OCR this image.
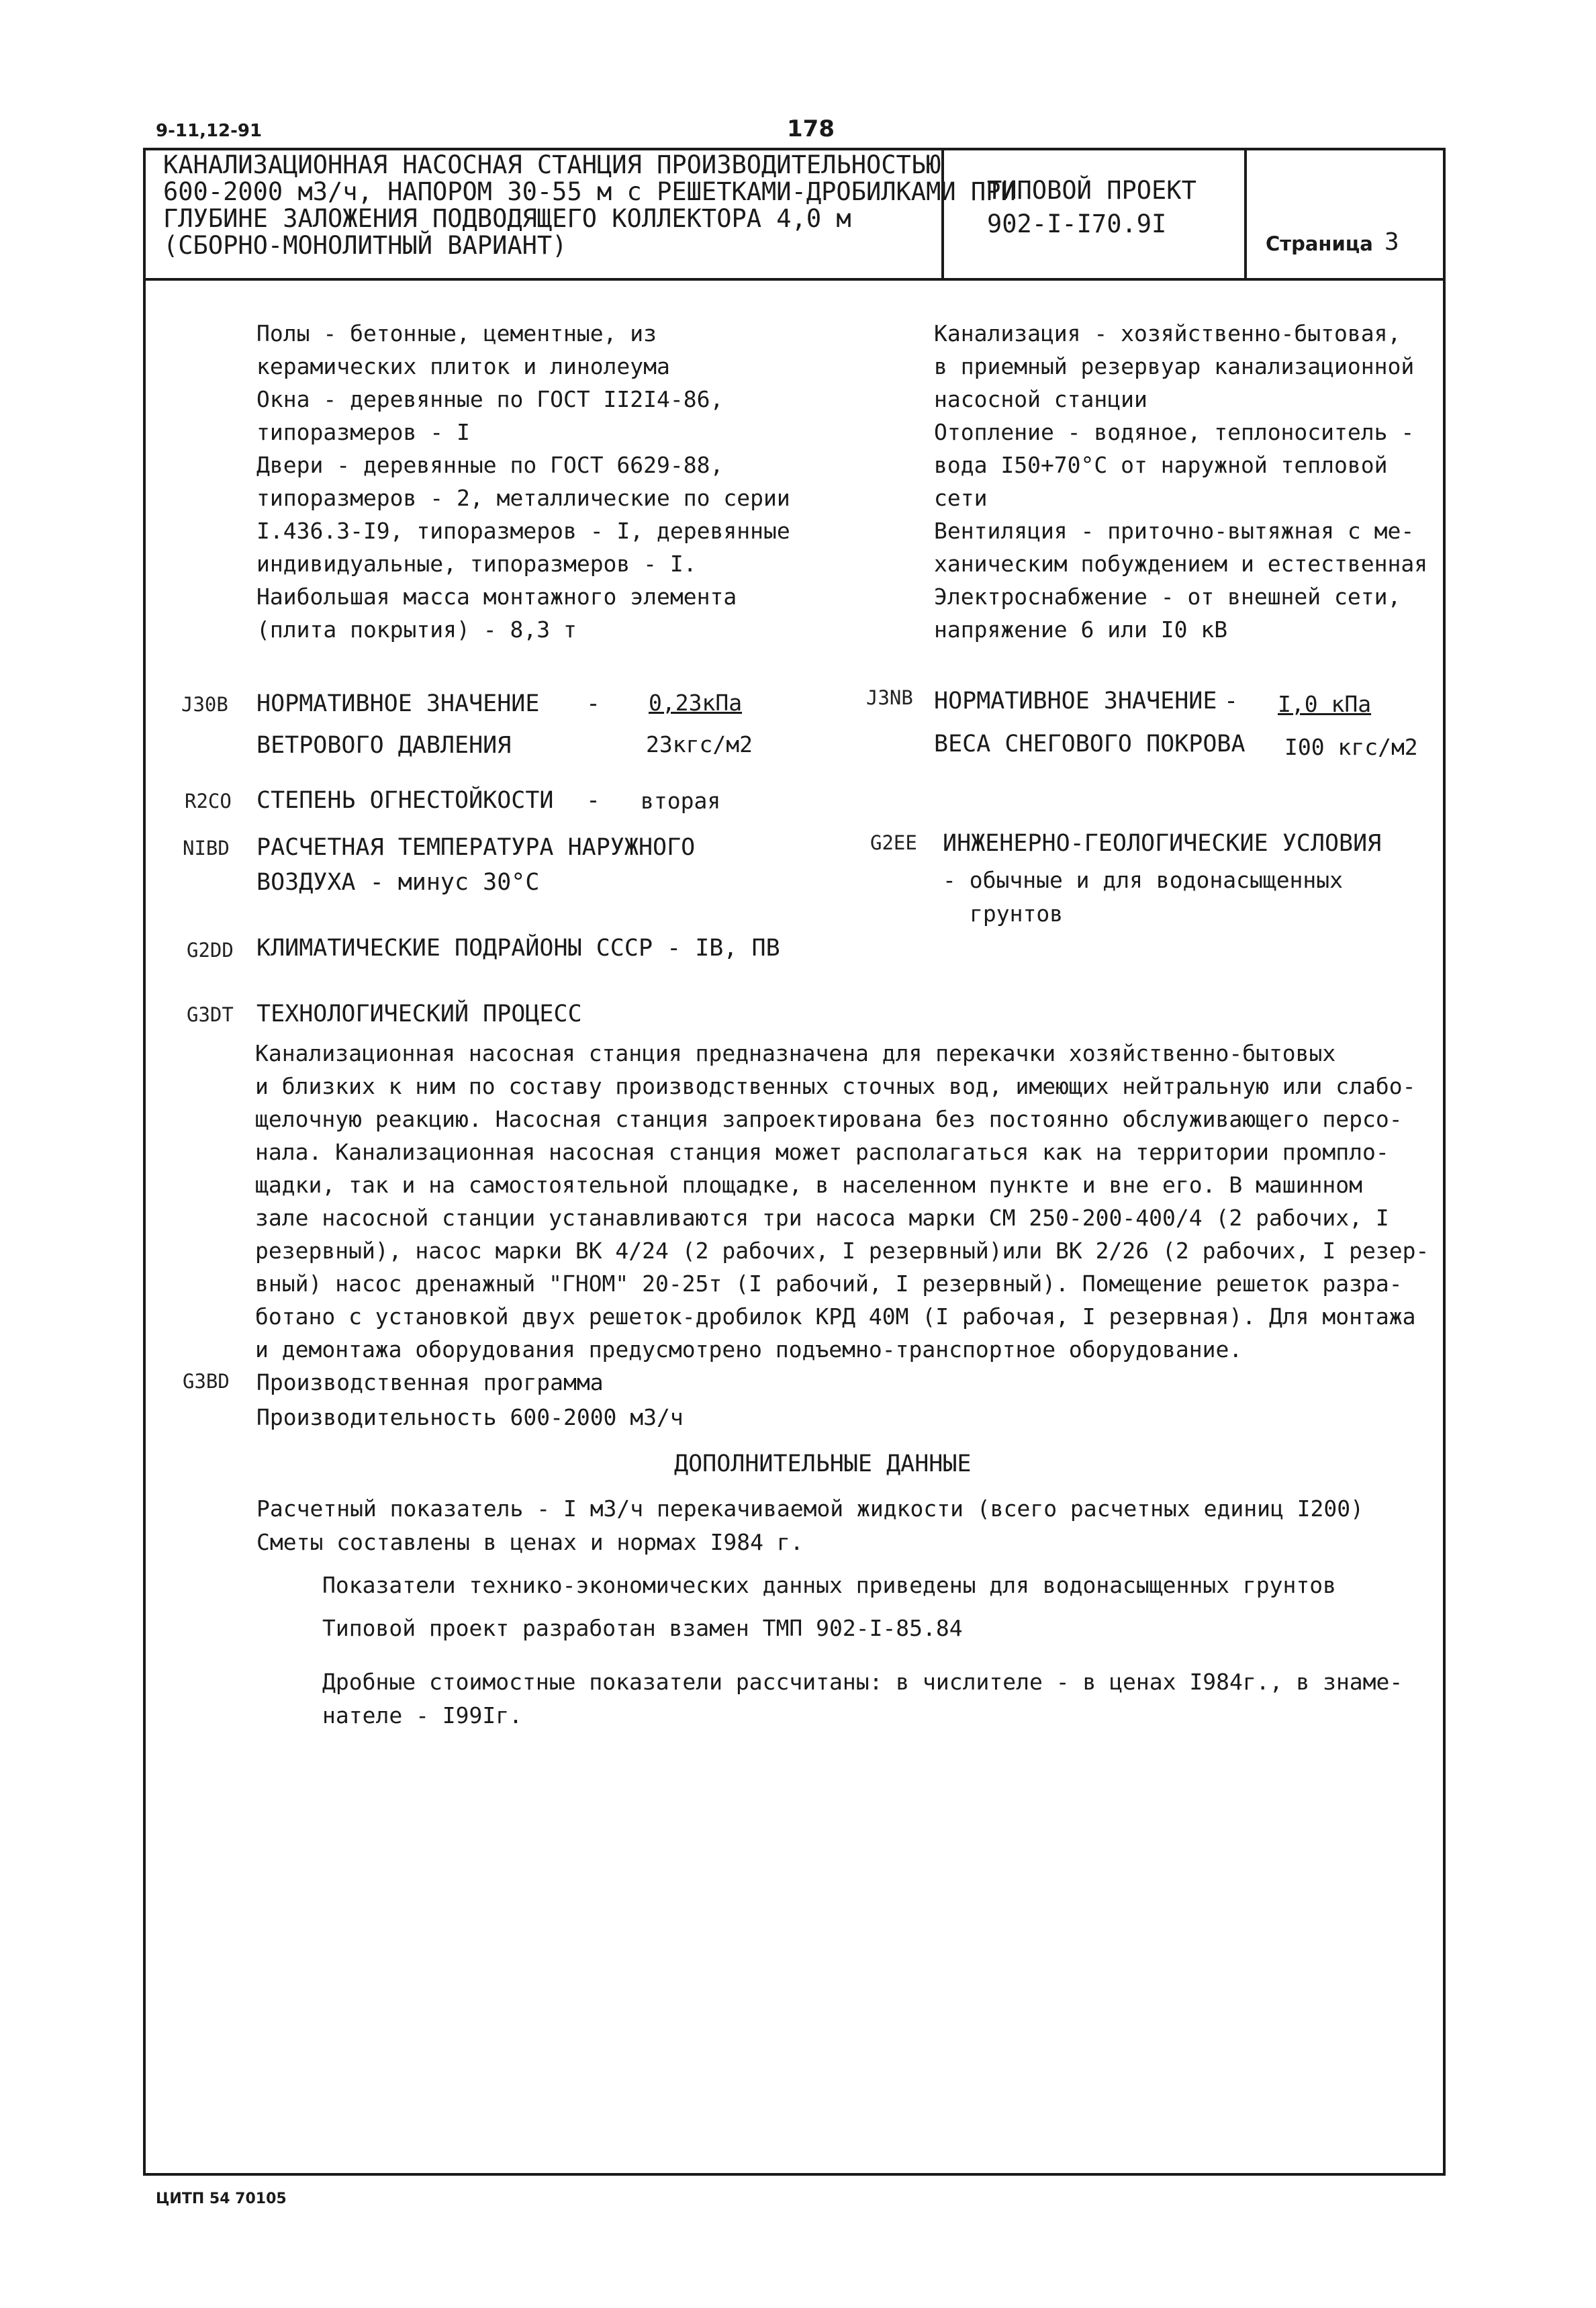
9-11,12-91	178
КАНАЛИЗАЦИОННАЯ НАСОСНАЯ СТАНЦИЯ ПРОИЗВОДИТЕЛЬНОСТЬЮ
600-2000 м3/ч, НАПОРОМ 30-55 м с РЕШЕТКАМИ-ДРОБИЛКАМИ ПРИ
ГЛУБИНЕ ЗАЛОЖЕНИЯ ПОДВОДЯЩЕГО КОЛЛЕКТОРА 4,0 м
(СБОРНО-МОНОЛИТНЫЙ ВАРИАНТ)
ТИПОВОЙ ПРОЕКТ
902-I-I70.9I
Страница 3
Полы - бетонные, цементные, из
керамических плиток и линолеума
Окна - деревянные по ГОСТ II2I4-86,
типоразмеров - I
Двери - деревянные по ГОСТ 6629-88,
типоразмеров - 2, металлические по серии
I.436.3-I9, типоразмеров - I, деревянные
индивидуальные, типоразмеров - I.
Наибольшая масса монтажного элемента
(плита покрытия) - 8,3 т
Канализация - хозяйственно-бытовая,
в приемный резервуар канализационной
насосной станции
Отопление - водяное, теплоноситель -
вода I50+70°С от наружной тепловой
сети
Вентиляция - приточно-вытяжная с ме-
ханическим побуждением и естественная
Электроснабжение - от внешней сети,
напряжение 6 или I0 кВ
J30B НОРМАТИВНОЕ ЗНАЧЕНИЕ - 0,23кПа
ВЕТРОВОГО ДАВЛЕНИЯ	23кгс/м2
J3NB НОРМАТИВНОЕ ЗНАЧЕНИЕ - I,0 кПа
ВЕСА СНЕГОВОГО ПОКРОВА I00 кгс/м2
R2CO СТЕПЕНЬ ОГНЕСТОЙКОСТИ - вторая
NIBD РАСЧЕТНАЯ ТЕМПЕРАТУРА НАРУЖНОГО
ВОЗДУХА - минус 30°С
G2EE ИНЖЕНЕРНО-ГЕОЛОГИЧЕСКИЕ УСЛОВИЯ
- обычные и для водонасыщенных
грунтов
G2DD КЛИМАТИЧЕСКИЕ ПОДРАЙОНЫ СССР - IB, ПВ
G3DT ТЕХНОЛОГИЧЕСКИЙ ПРОЦЕСС
Канализационная насосная станция предназначена для перекачки хозяйственно-бытовых
и близких к ним по составу производственных сточных вод, имеющих нейтральную или слабо-
щелочную реакцию. Насосная станция запроектирована без постоянно обслуживающего персо-
нала. Канализационная насосная станция может располагаться как на территории промпло-
щадки, так и на самостоятельной площадке, в населенном пункте и вне его. В машинном
зале насосной станции устанавливаются три насоса марки СМ 250-200-400/4 (2 рабочих, I
резервный), насос марки ВК 4/24 (2 рабочих, I резервный)или ВК 2/26 (2 рабочих, I резер-
вный) насос дренажный "ГНОМ" 20-25т (I рабочий, I резервный). Помещение решеток разра-
ботано с установкой двух решеток-дробилок КРД 40М (I рабочая, I резервная). Для монтажа
и демонтажа оборудования предусмотрено подъемно-транспортное оборудование.
G3BD Производственная программа
Производительность 600-2000 м3/ч
ДОПОЛНИТЕЛЬНЫЕ ДАННЫЕ
Расчетный показатель - I м3/ч перекачиваемой жидкости (всего расчетных единиц I200)
Сметы составлены в ценах и нормах I984 г.
Показатели технико-экономических данных приведены для водонасыщенных грунтов
Типовой проект разработан взамен ТМП 902-I-85.84
Дробные стоимостные показатели рассчитаны: в числителе - в ценах I984г., в знаме-
нателе - I99Iг.
ЦИТП 54 70105
